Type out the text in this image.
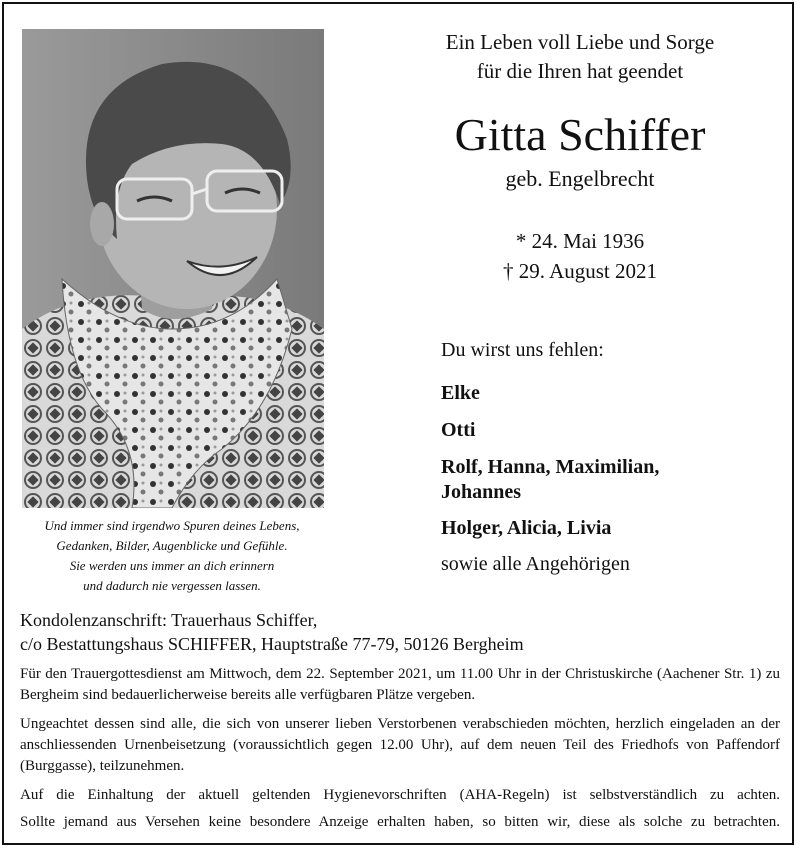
Und immer sind irgendwo Spuren deines Lebens,
Gedanken, Bilder, Augenblicke und Gefühle.
Sie werden uns immer an dich erinnern
und dadurch nie vergessen lassen.
Ein Leben voll Liebe und Sorge
für die Ihren hat geendet
Gitta Schiffer
geb. Engelbrecht
* 24. Mai 1936
† 29. August 2021
Du wirst uns fehlen:
Elke
Otti
Rolf, Hanna, Maximilian,
Johannes
Holger, Alicia, Livia
sowie alle Angehörigen
Kondolenzanschrift: Trauerhaus Schiffer,
c/o Bestattungshaus SCHIFFER, Hauptstraße 77-79, 50126 Bergheim
Für den Trauergottesdienst am Mittwoch, dem 22. September 2021, um 11.00 Uhr in der Christuskirche (Aachener Str. 1) zu Bergheim sind bedauerlicherweise bereits alle verfügbaren Plätze vergeben.
Ungeachtet dessen sind alle, die sich von unserer lieben Verstorbenen verabschieden möchten, herzlich eingeladen an der anschliessenden Urnenbeisetzung (voraussichtlich gegen 12.00 Uhr), auf dem neuen Teil des Friedhofs von Paffendorf (Burggasse), teilzunehmen.
Auf die Einhaltung der aktuell geltenden Hygienevorschriften (AHA-Regeln) ist selbstverständlich zu achten.
Sollte jemand aus Versehen keine besondere Anzeige erhalten haben, so bitten wir, diese als solche zu betrachten.
